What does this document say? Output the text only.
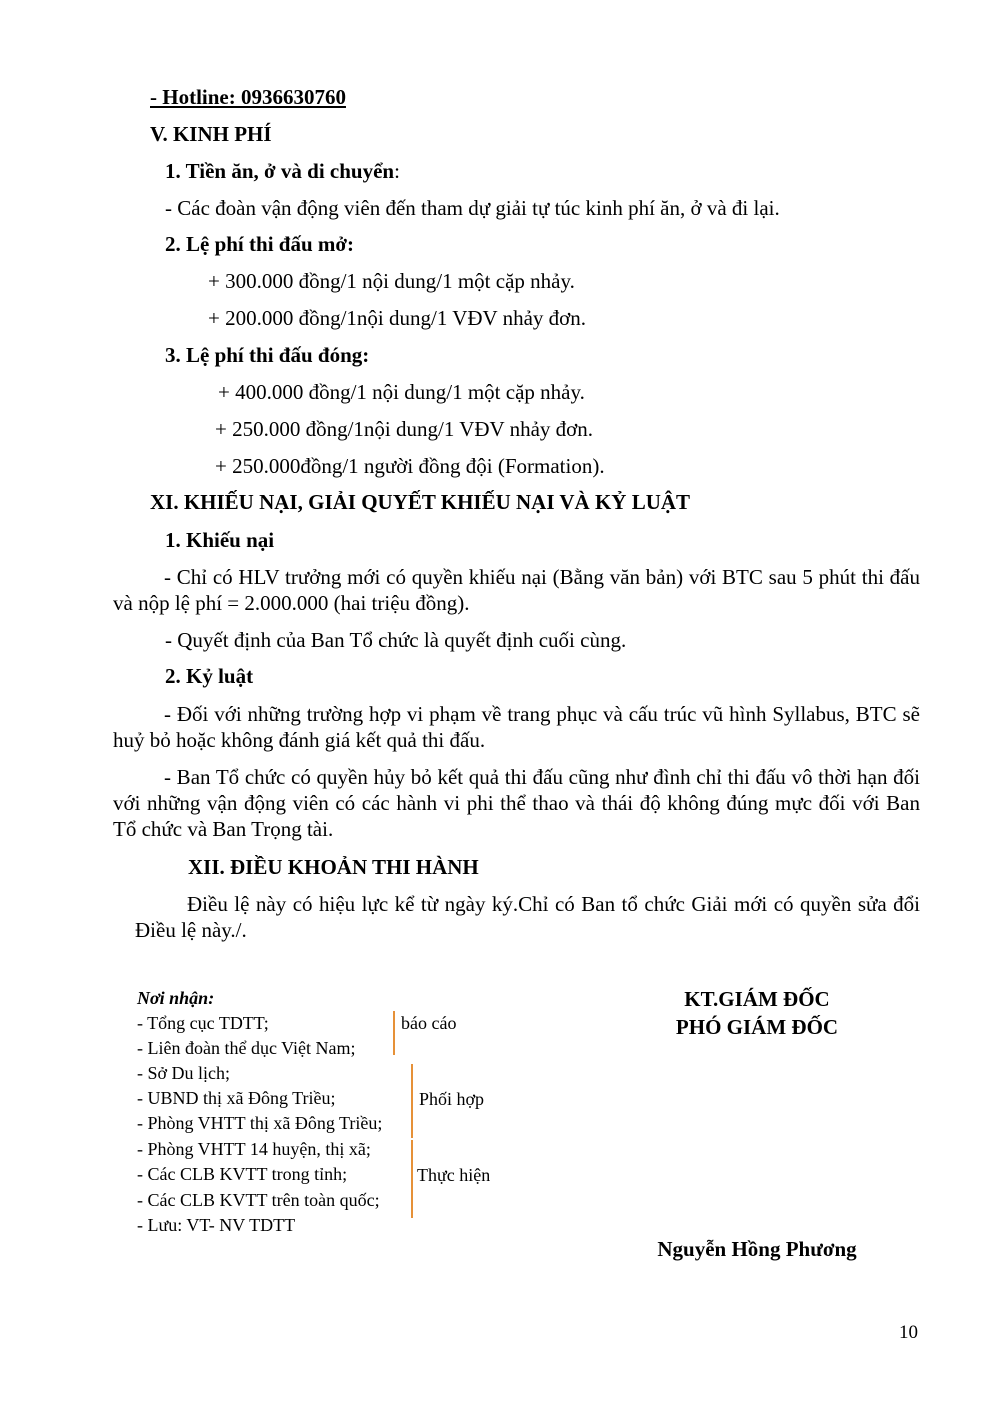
- Hotline: 0936630760
V. KINH PHÍ
1. Tiền ăn, ở và di chuyển:
- Các đoàn vận động viên đến tham dự giải tự túc kinh phí ăn, ở và đi lại.
2. Lệ phí thi đấu mở:
+ 300.000 đồng/1 nội dung/1 một cặp nhảy.
+ 200.000 đồng/1nội dung/1 VĐV nhảy đơn.
3. Lệ phí thi đấu đóng:
+ 400.000 đồng/1 nội dung/1 một cặp nhảy.
+ 250.000 đồng/1nội dung/1 VĐV nhảy đơn.
+ 250.000đồng/1 người đồng đội (Formation).
XI. KHIẾU NẠI, GIẢI QUYẾT KHIẾU NẠI VÀ KỶ LUẬT
1. Khiếu nại
- Chỉ có HLV trưởng mới có quyền khiếu nại (Bằng văn bản) với BTC sau 5 phút thi đấu và nộp lệ phí = 2.000.000 (hai triệu đồng).
- Quyết định của Ban Tổ chức là quyết định cuối cùng.
2. Kỷ luật
- Đối với những trường hợp vi phạm về trang phục và cấu trúc vũ hình Syllabus, BTC sẽ huỷ bỏ hoặc không đánh giá kết quả thi đấu.
- Ban Tổ chức có quyền hủy bỏ kết quả thi đấu cũng như đình chỉ thi đấu vô thời hạn đối với những vận động viên có các hành vi phi thể thao và thái độ không đúng mực đối với Ban Tổ chức và Ban Trọng tài.
XII. ĐIỀU KHOẢN THI HÀNH
Điều lệ này có hiệu lực kể từ ngày ký.Chỉ có Ban tổ chức Giải mới có quyền sửa đổi Điều lệ này./.
Nơi nhận:
- Tổng cục TDTT;
- Liên đoàn thể dục Việt Nam;
- Sở Du lịch;
- UBND thị xã Đông Triều;
- Phòng VHTT thị xã Đông Triều;
- Phòng VHTT 14 huyện, thị xã;
- Các CLB KVTT trong tỉnh;
- Các CLB KVTT trên toàn quốc;
- Lưu: VT- NV TDTT
báo cáo
Phối hợp
Thực hiện
KT.GIÁM ĐỐC
PHÓ GIÁM ĐỐC
Nguyễn Hồng Phương
10
